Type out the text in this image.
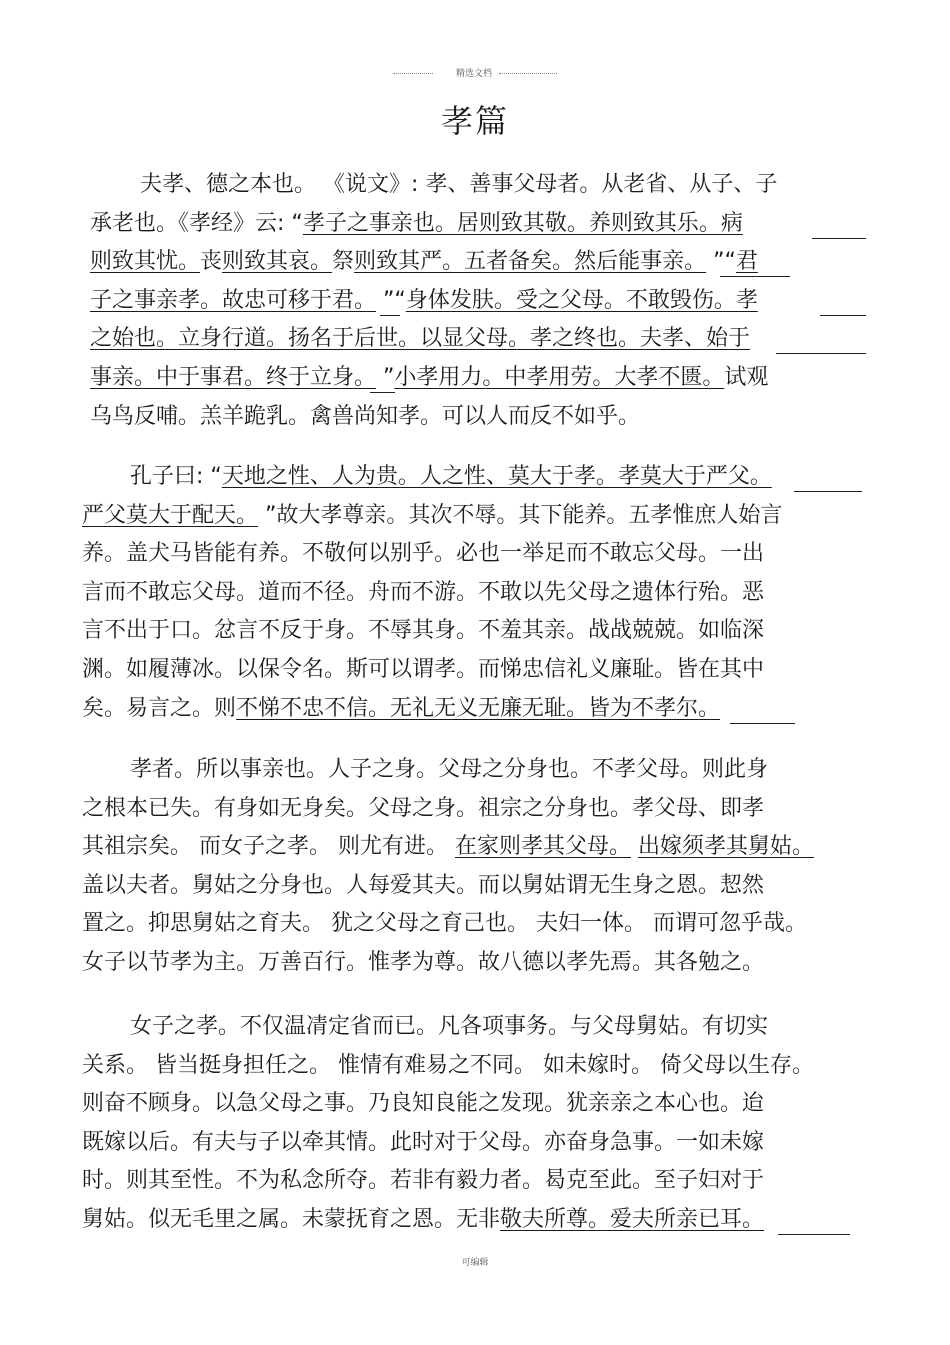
精选文档
孝篇
夫孝、德之本也。 《说文》: 孝、善事父母者。从老省、从子、子
承老也。《孝经》云: “孝子之事亲也。居则致其敬。养则致其乐。病
则致其忧。丧则致其哀。祭则致其严。五者备矣。然后能事亲。 ”“君
子之事亲孝。故忠可移于君。 ”“身体发肤。受之父母。不敢毁伤。孝
之始也。立身行道。扬名于后世。以显父母。孝之终也。夫孝、始于
事亲。中于事君。终于立身。 ”小孝用力。中孝用劳。大孝不匮。试观
乌鸟反哺。羔羊跪乳。禽兽尚知孝。可以人而反不如乎。
孔子曰: “天地之性、人为贵。人之性、莫大于孝。孝莫大于严父。
严父莫大于配天。 ”故大孝尊亲。其次不辱。其下能养。五孝惟庶人始言
养。盖犬马皆能有养。不敬何以别乎。必也一举足而不敢忘父母。一出
言而不敢忘父母。道而不径。舟而不游。不敢以先父母之遗体行殆。恶
言不出于口。忿言不反于身。不辱其身。不羞其亲。战战兢兢。如临深
渊。如履薄冰。以保令名。斯可以谓孝。而悌忠信礼义廉耻。皆在其中
矣。易言之。则不悌不忠不信。无礼无义无廉无耻。皆为不孝尔。
孝者。所以事亲也。人子之身。父母之分身也。不孝父母。则此身
之根本已失。有身如无身矣。父母之身。祖宗之分身也。孝父母、即孝
其祖宗矣。 而女子之孝。 则尤有进。 在家则孝其父母。 出嫁须孝其舅姑。
盖以夫者。舅姑之分身也。人每爱其夫。而以舅姑谓无生身之恩。恝然
置之。抑思舅姑之育夫。 犹之父母之育己也。 夫妇一体。 而谓可忽乎哉。
女子以节孝为主。万善百行。惟孝为尊。故八德以孝先焉。其各勉之。
女子之孝。不仅温凊定省而已。凡各项事务。与父母舅姑。有切实
关系。 皆当挺身担任之。 惟情有难易之不同。 如未嫁时。 倚父母以生存。
则奋不顾身。以急父母之事。乃良知良能之发现。犹亲亲之本心也。迨
既嫁以后。有夫与子以牵其情。此时对于父母。亦奋身急事。一如未嫁
时。则其至性。不为私念所夺。若非有毅力者。曷克至此。至子妇对于
舅姑。似无毛里之属。未蒙抚育之恩。无非敬夫所尊。爱夫所亲已耳。
可编辑
